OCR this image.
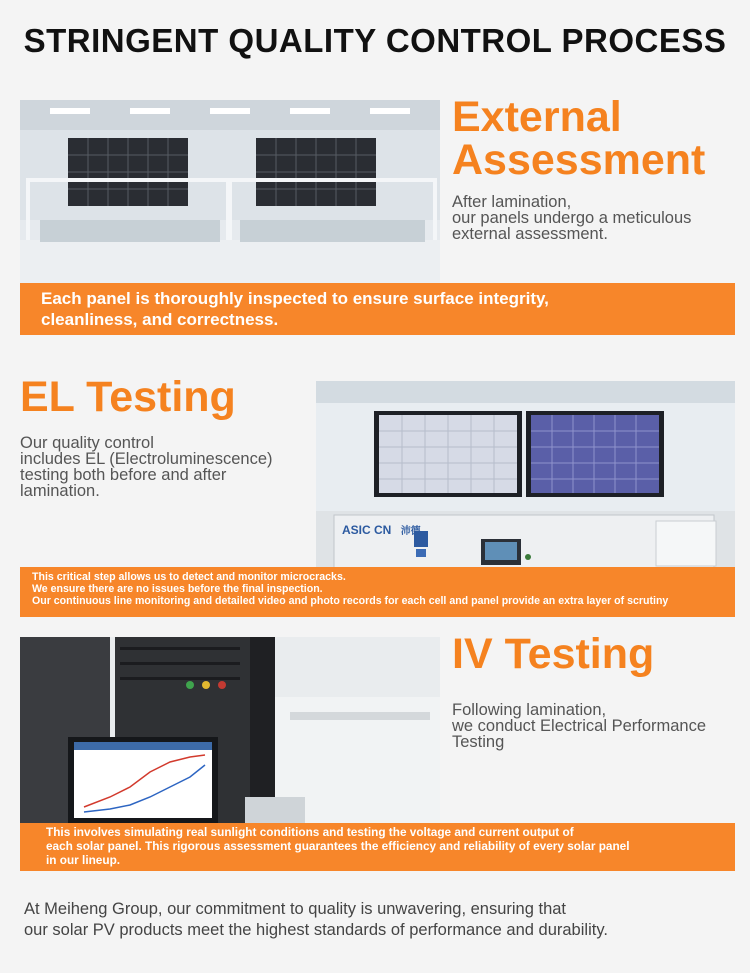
STRINGENT QUALITY CONTROL PROCESS
External
Assessment
After lamination,
our panels undergo a meticulous
external assessment.
Each panel is thoroughly inspected to ensure surface integrity,
cleanliness, and correctness.
EL Testing
Our quality control
includes EL (Electroluminescence)
testing both before and after
lamination.
ASIC CN 沛德
This critical step allows us to detect and monitor microcracks.
We ensure there are no issues before the final inspection.
Our continuous line monitoring and detailed video and photo records for each cell and panel provide an extra layer of scrutiny
IV Testing
Following lamination,
we conduct Electrical Performance
Testing
This involves simulating real sunlight conditions and testing the voltage and current output of
each solar panel. This rigorous assessment guarantees the efficiency and reliability of every solar panel
in our lineup.
At Meiheng Group, our commitment to quality is unwavering, ensuring that
our solar PV products meet the highest standards of performance and durability.
